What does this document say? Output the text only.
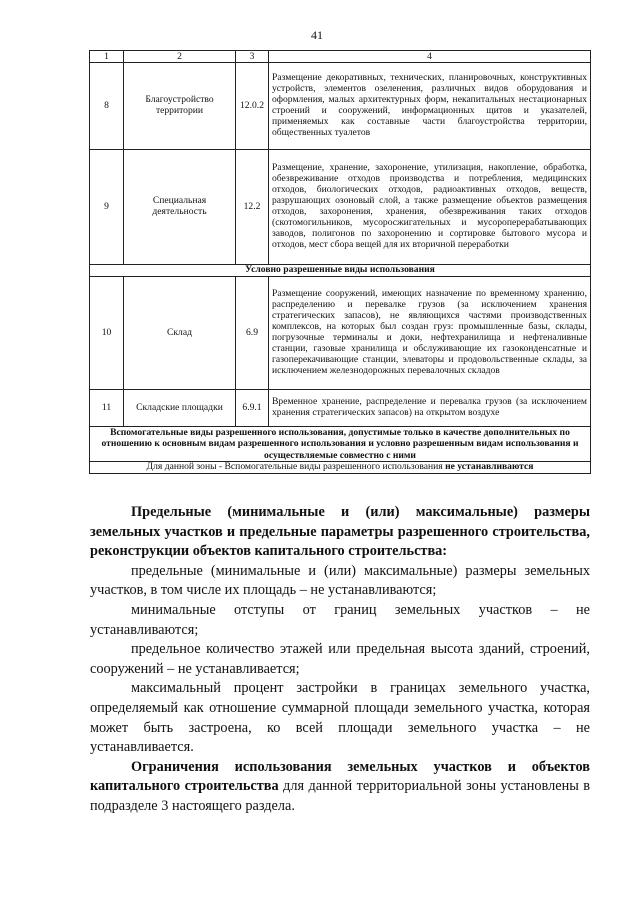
41
1	2	3	4
8	Благоустройство территории	12.0.2	Размещение декоративных, технических, планировочных, конструктивных устройств, элементов озеленения, различных видов оборудования и оформления, малых архитектурных форм, некапитальных нестационарных строений и сооружений, информационных щитов и указателей, применяемых как составные части благоустройства территории, общественных туалетов
9	Специальная деятельность	12.2	Размещение, хранение, захоронение, утилизация, накопление, обработка, обезвреживание отходов производства и потребления, медицинских отходов, биологических отходов, радиоактивных отходов, веществ, разрушающих озоновый слой, а также размещение объектов размещения отходов, захоронения, хранения, обезвреживания таких отходов (скотомогильников, мусоросжигательных и мусороперерабатывающих заводов, полигонов по захоронению и сортировке бытового мусора и отходов, мест сбора вещей для их вторичной переработки
Условно разрешенные виды использования			
10	Склад	6.9	Размещение сооружений, имеющих назначение по временному хранению, распределению и перевалке грузов (за исключением хранения стратегических запасов), не являющихся частями производственных комплексов, на которых был создан груз: промышленные базы, склады, погрузочные терминалы и доки, нефтехранилища и нефтеналивные станции, газовые хранилища и обслуживающие их газоконденсатные и газоперекачивающие станции, элеваторы и продовольственные склады, за исключением железнодорожных перевалочных складов
11	Складские площадки	6.9.1	Временное хранение, распределение и перевалка грузов (за исключением хранения стратегических запасов) на открытом воздухе
Вспомогательные виды разрешенного использования, допустимые только в качестве дополнительных по отношению к основным видам разрешенного использования и условно разрешенным видам использования и осуществляемые совместно с ними			
Для данной зоны - Вспомогательные виды разрешенного использования не устанавливаются			

Предельные (минимальные и (или) максимальные) размеры земельных участков и предельные параметры разрешенного строительства, реконструкции объектов капитального строительства:

предельные (минимальные и (или) максимальные) размеры земельных участков, в том числе их площадь – не устанавливаются;

минимальные отступы от границ земельных участков – не устанавливаются;

предельное количество этажей или предельная высота зданий, строений, сооружений – не устанавливается;

максимальный процент застройки в границах земельного участка, определяемый как отношение суммарной площади земельного участка, которая может быть застроена, ко всей площади земельного участка – не устанавливается.

Ограничения использования земельных участков и объектов капитального строительства для данной территориальной зоны установлены в подразделе 3 настоящего раздела.
